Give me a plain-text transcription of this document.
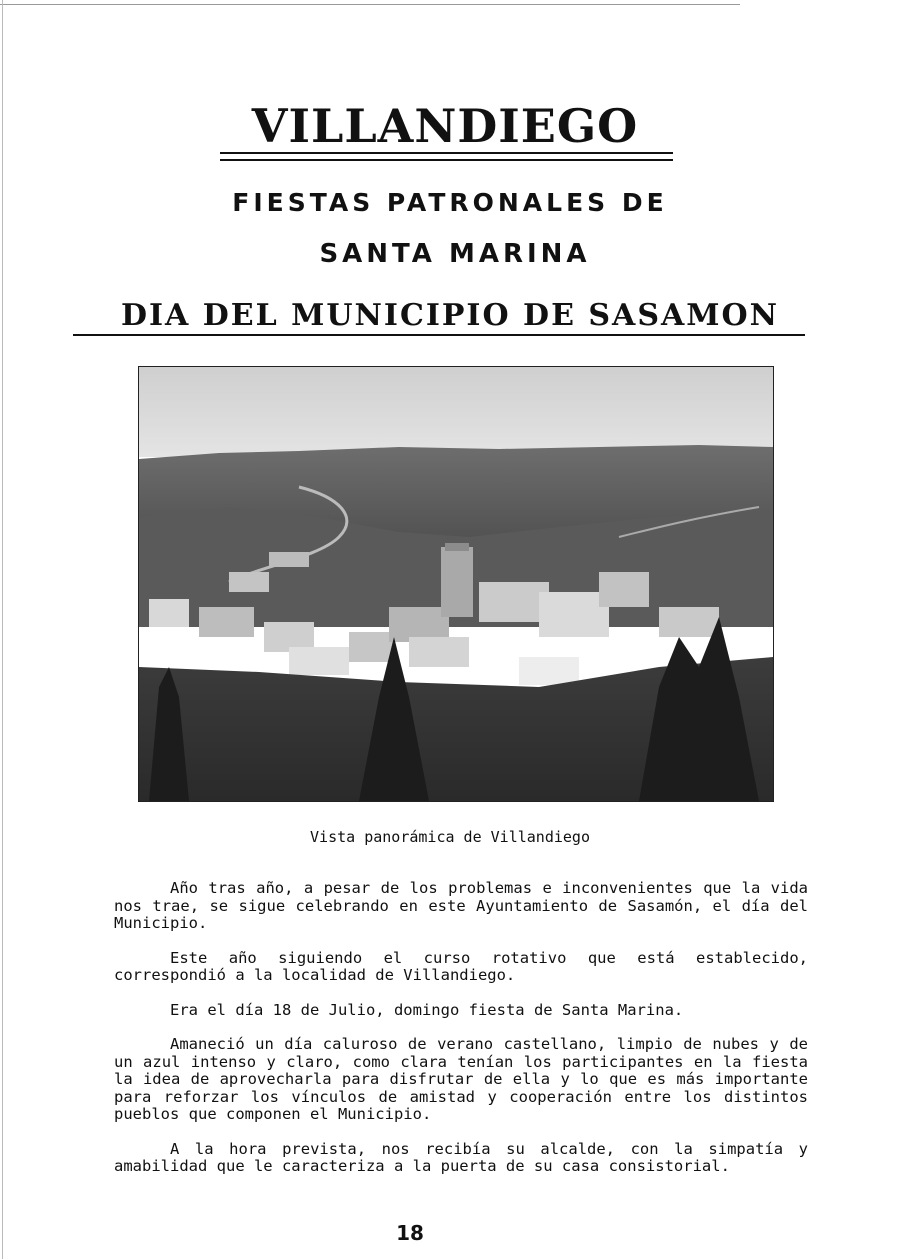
VILLANDIEGO
FIESTAS PATRONALES DE
SANTA MARINA
DIA DEL MUNICIPIO DE SASAMON

Vista panorámica de Villandiego

Año tras año, a pesar de los problemas e inconvenientes que la vida nos trae, se sigue celebrando en este Ayuntamiento de Sasamón, el día del Municipio.

Este año siguiendo el curso rotativo que está establecido, correspondió a la localidad de Villandiego.

Era el día 18 de Julio, domingo fiesta de Santa Marina.

Amaneció un día caluroso de verano castellano, limpio de nubes y de un azul intenso y claro, como clara tenían los participantes en la fiesta la idea de aprovecharla para disfrutar de ella y lo que es más importante para reforzar los vínculos de amistad y cooperación entre los distintos pueblos que componen el Municipio.

A la hora prevista, nos recibía su alcalde, con la simpatía y amabilidad que le caracteriza a la puerta de su casa consistorial.

18
